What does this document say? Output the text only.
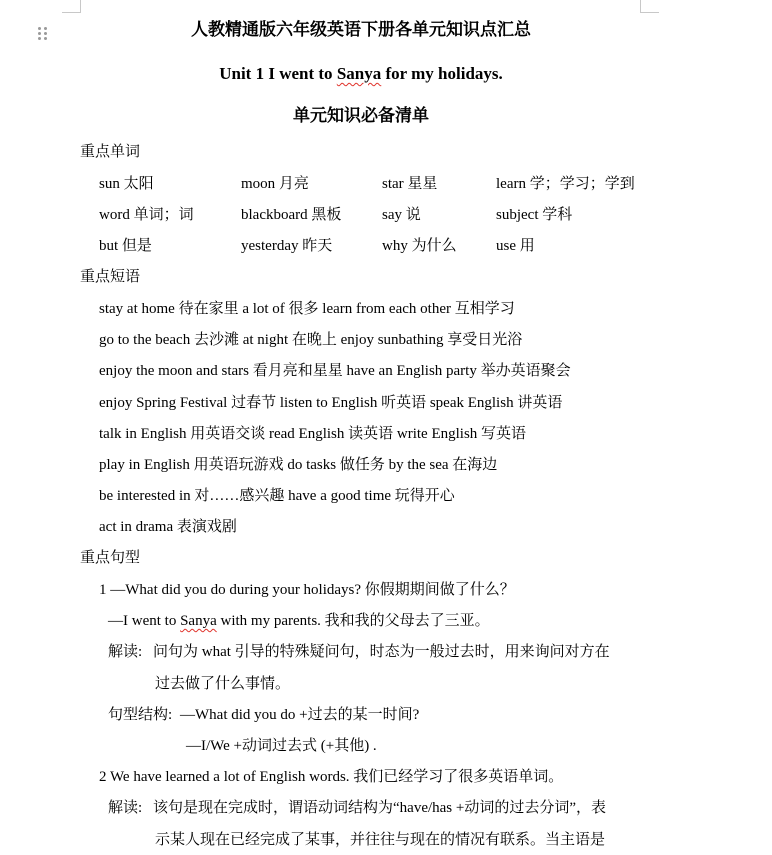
人教精通版六年级英语下册各单元知识点汇总
Unit 1 I went to Sanya for my holidays.
单元知识必备清单
重点单词
sun 太阳	moon 月亮	star 星星	learn 学；学习；学到
word 单词；词	blackboard 黑板	say 说	subject 学科
but 但是	yesterday 昨天	why 为什么	use 用
重点短语
stay at home 待在家里 a lot of 很多 learn from each other 互相学习
go to the beach 去沙滩 at night 在晚上 enjoy sunbathing 享受日光浴
enjoy the moon and stars 看月亮和星星 have an English party 举办英语聚会
enjoy Spring Festival 过春节 listen to English 听英语 speak English 讲英语
talk in English 用英语交谈 read English 读英语 write English 写英语
play in English 用英语玩游戏 do tasks 做任务 by the sea 在海边
be interested in 对……感兴趣 have a good time 玩得开心
act in drama 表演戏剧
重点句型
1 —What did you do during your holidays? 你假期期间做了什么？
—I went to Sanya with my parents. 我和我的父母去了三亚。
解读: 问句为 what 引导的特殊疑问句，时态为一般过去时，用来询问对方在
过去做了什么事情。
句型结构: —What did you do +过去的某一时间?
—I/We +动词过去式 (+其他) .
2 We have learned a lot of English words. 我们已经学习了很多英语单词。
解读: 该句是现在完成时，谓语动词结构为“have/has +动词的过去分词”，表
示某人现在已经完成了某事，并往往与现在的情况有联系。当主语是
